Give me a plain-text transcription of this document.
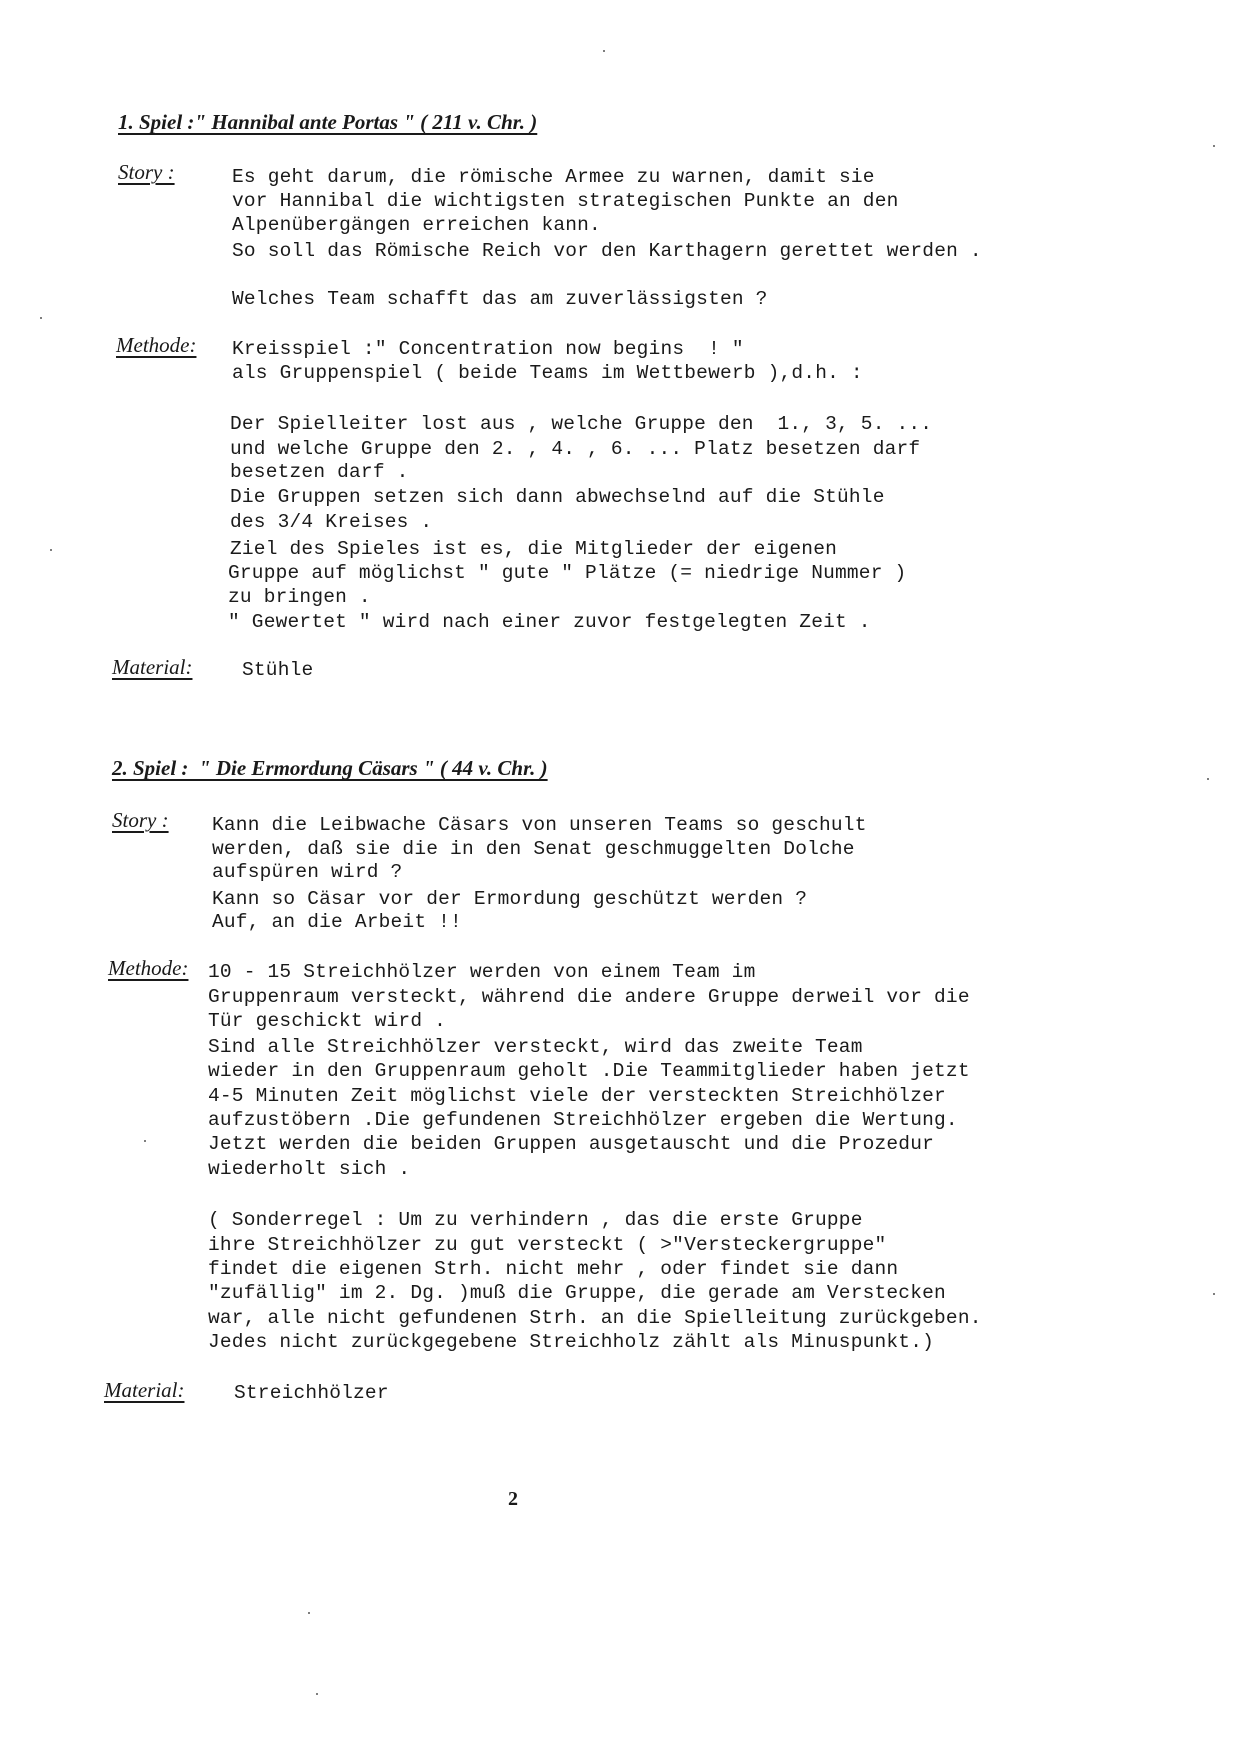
1. Spiel :" Hannibal ante Portas " ( 211 v. Chr. )
Story :	Es geht darum, die römische Armee zu warnen, damit sie
vor Hannibal die wichtigsten strategischen Punkte an den
Alpenübergängen erreichen kann.
So soll das Römische Reich vor den Karthagern gerettet werden .
Welches Team schafft das am zuverlässigsten ?
Methode: Kreisspiel :" Concentration now begins  ! "
als Gruppenspiel ( beide Teams im Wettbewerb ),d.h. :
Der Spielleiter lost aus , welche Gruppe den  1., 3, 5. ...
und welche Gruppe den 2. , 4. , 6. ... Platz besetzen darf
besetzen darf .
Die Gruppen setzen sich dann abwechselnd auf die Stühle
des 3/4 Kreises .
Ziel des Spieles ist es, die Mitglieder der eigenen
Gruppe auf möglichst " gute " Plätze (= niedrige Nummer )
zu bringen .
" Gewertet " wird nach einer zuvor festgelegten Zeit .
Material:	Stühle
2. Spiel :  " Die Ermordung Cäsars " ( 44 v. Chr. )
Story : Kann die Leibwache Cäsars von unseren Teams so geschult
werden, daß sie die in den Senat geschmuggelten Dolche
aufspüren wird ?
Kann so Cäsar vor der Ermordung geschützt werden ?
Auf, an die Arbeit !!
Methode: 10 - 15 Streichhölzer werden von einem Team im
Gruppenraum versteckt, während die andere Gruppe derweil vor die
Tür geschickt wird .
Sind alle Streichhölzer versteckt, wird das zweite Team
wieder in den Gruppenraum geholt .Die Teammitglieder haben jetzt
4-5 Minuten Zeit möglichst viele der versteckten Streichhölzer
aufzustöbern .Die gefundenen Streichhölzer ergeben die Wertung.
Jetzt werden die beiden Gruppen ausgetauscht und die Prozedur
wiederholt sich .
( Sonderregel : Um zu verhindern , das die erste Gruppe
ihre Streichhölzer zu gut versteckt ( >"Versteckergruppe"
findet die eigenen Strh. nicht mehr , oder findet sie dann
"zufällig" im 2. Dg. )muß die Gruppe, die gerade am Verstecken
war, alle nicht gefundenen Strh. an die Spielleitung zurückgeben.
Jedes nicht zurückgegebene Streichholz zählt als Minuspunkt.)
Material:	Streichhölzer
2
